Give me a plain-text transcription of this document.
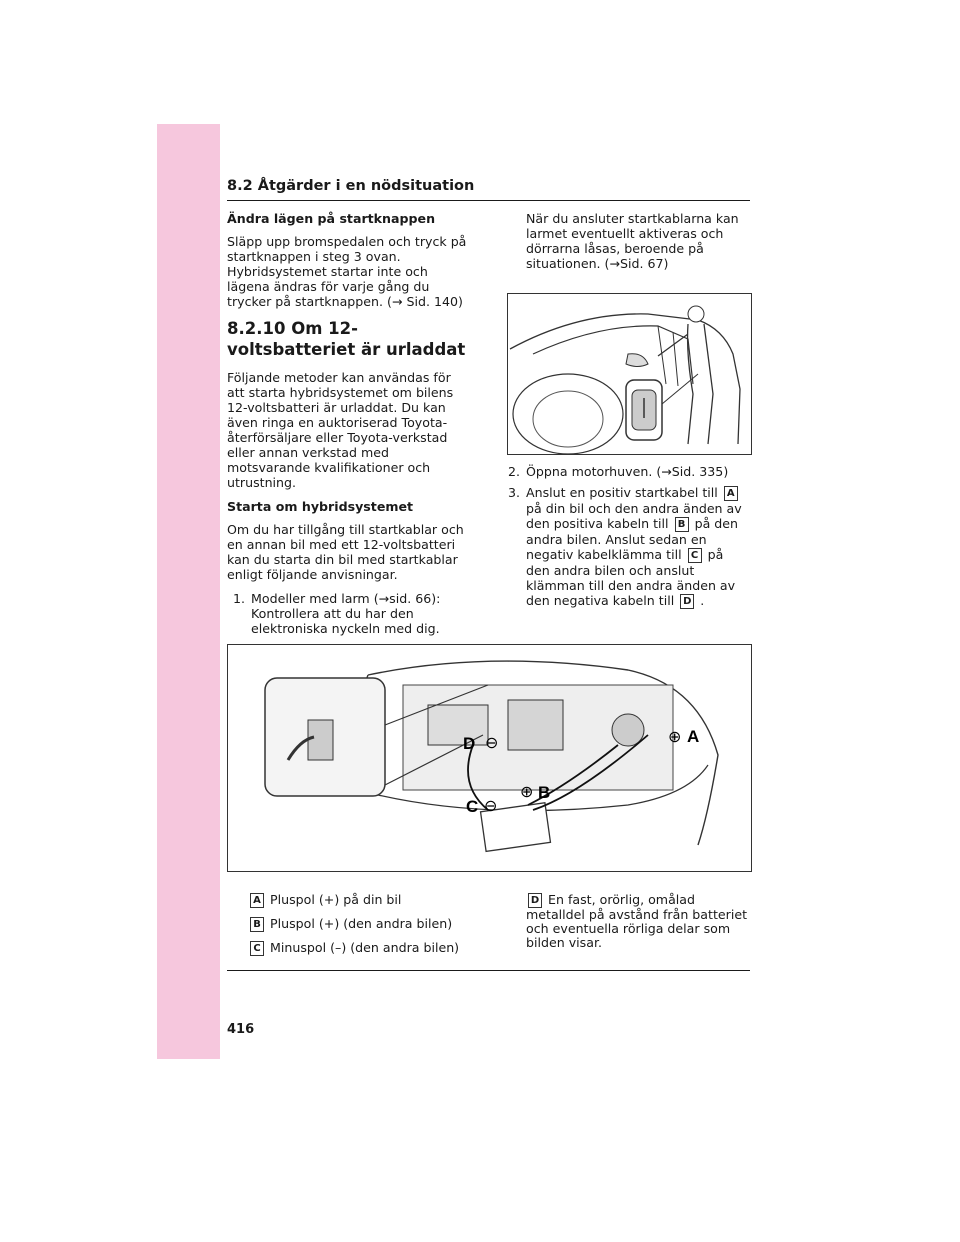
8.2 Åtgärder i en nödsituation
Ändra lägen på startknappen

Släpp upp bromspedalen och tryck på startknappen i steg 3 ovan. Hybridsystemet startar inte och lägena ändras för varje gång du trycker på startknappen. (→ Sid. 140)

8.2.10 Om 12-voltsbatteriet är urladdat

Följande metoder kan användas för att starta hybridsystemet om bilens 12-voltsbatteri är urladdat. Du kan även ringa en auktoriserad Toyota-återförsäljare eller Toyota-verkstad eller annan verkstad med motsvarande kvalifikationer och utrustning.

Starta om hybridsystemet

Om du har tillgång till startkablar och en annan bil med ett 12-voltsbatteri kan du starta din bil med startkablar enligt följande anvisningar.

1. Modeller med larm (→sid. 66): Kontrollera att du har den elektroniska nyckeln med dig.

När du ansluter startkablarna kan larmet eventuellt aktiveras och dörrarna låsas, beroende på situationen. (→Sid. 67)

2. Öppna motorhuven. (→Sid. 335)
3. Anslut en positiv startkabel till A på din bil och den andra änden av den positiva kabeln till B på den andra bilen. Anslut sedan en negativ kabelklämma till C på den andra bilen och anslut klämman till den andra änden av den negativa kabeln till D .
D ⊖	⊕ A
⊕ B
C ⊖
A Pluspol (+) på din bil
B Pluspol (+) (den andra bilen)
C Minuspol (–) (den andra bilen)
D En fast, orörlig, omålad metalldel på avstånd från batteriet och eventuella rörliga delar som bilden visar.
416
